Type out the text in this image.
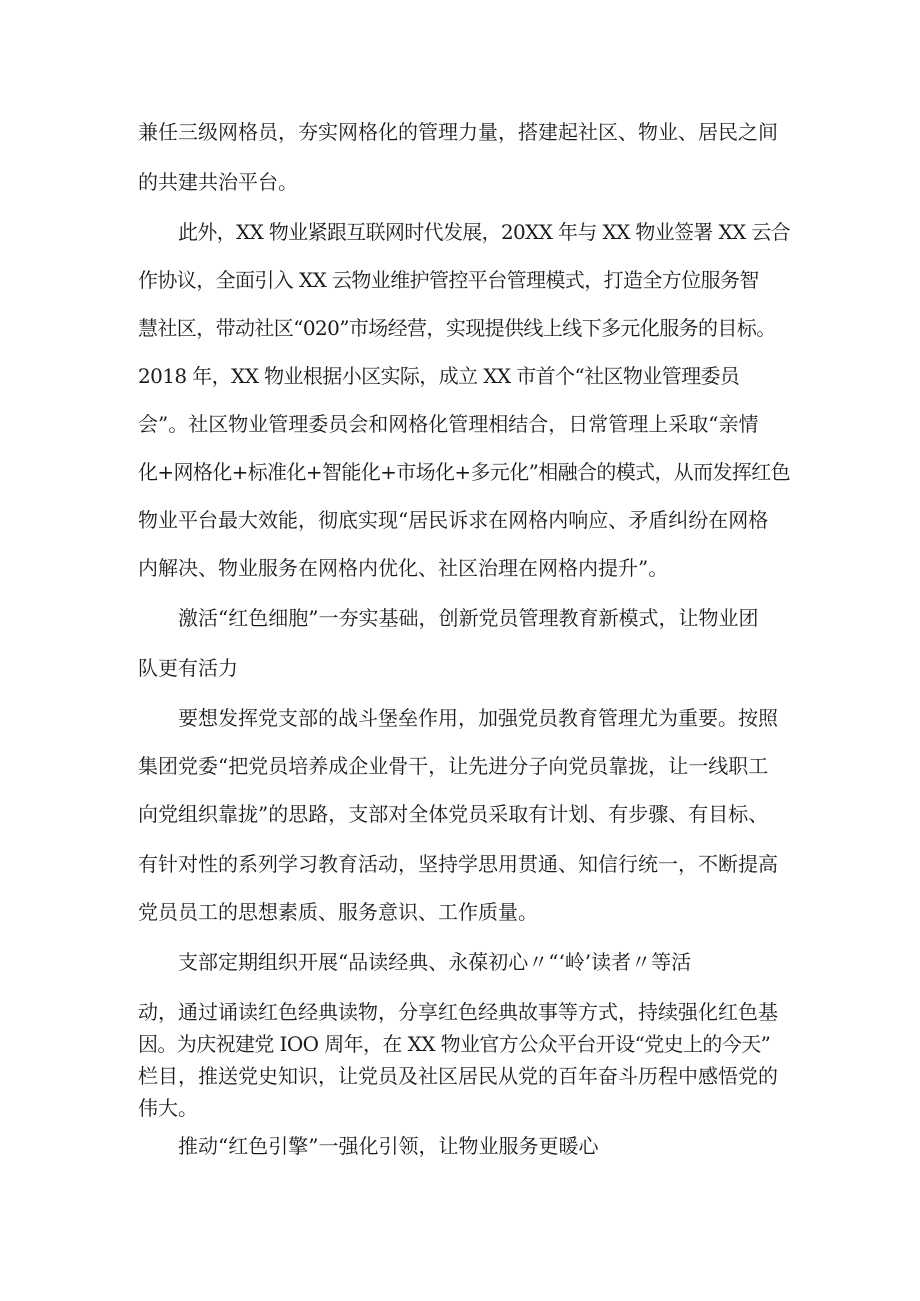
兼任三级网格员，夯实网格化的管理力量，搭建起社区、物业、居民之间
的共建共治平台。
此外，XX 物业紧跟互联网时代发展，20XX 年与 XX 物业签署 XX 云合
作协议，全面引入 XX 云物业维护管控平台管理模式，打造全方位服务智
慧社区，带动社区“020”市场经营，实现提供线上线下多元化服务的目标。
2018 年，XX 物业根据小区实际，成立 XX 市首个“社区物业管理委员
会”。社区物业管理委员会和网格化管理相结合，日常管理上采取“亲情
化+网格化+标准化+智能化+市场化+多元化”相融合的模式，从而发挥红色
物业平台最大效能，彻底实现“居民诉求在网格内响应、矛盾纠纷在网格
内解决、物业服务在网格内优化、社区治理在网格内提升”。
激活“红色细胞”一夯实基础，创新党员管理教育新模式，让物业团
队更有活力
要想发挥党支部的战斗堡垒作用，加强党员教育管理尤为重要。按照
集团党委“把党员培养成企业骨干，让先进分子向党员靠拢，让一线职工
向党组织靠拢”的思路，支部对全体党员采取有计划、有步骤、有目标、
有针对性的系列学习教育活动，坚持学思用贯通、知信行统一，不断提高
党员员工的思想素质、服务意识、工作质量。
支部定期组织开展“品读经典、永葆初心〃“‘岭’读者〃等活
动，通过诵读红色经典读物，分享红色经典故事等方式，持续强化红色基
因。为庆祝建党 IOO 周年，在 XX 物业官方公众平台开设“党史上的今天”
栏目，推送党史知识，让党员及社区居民从党的百年奋斗历程中感悟党的
伟大。
推动“红色引擎”一强化引领，让物业服务更暖心
